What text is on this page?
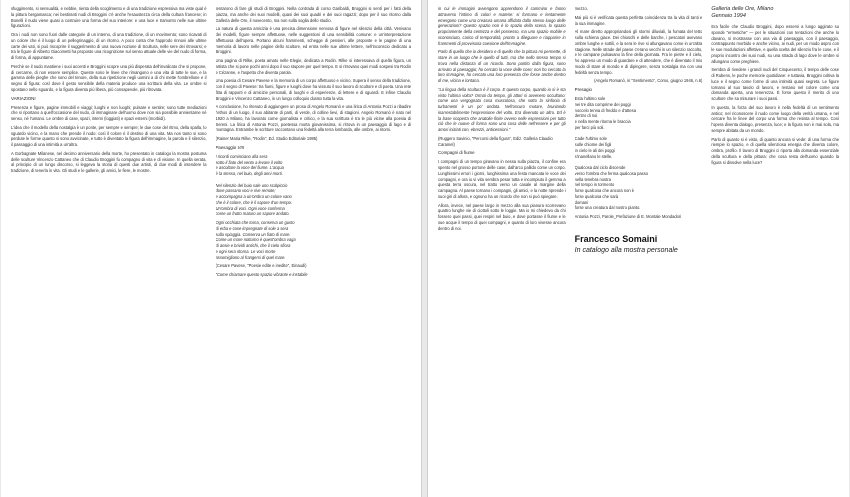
sfuggimento, si sensualità, e nebbie, rienta della scoglimento e di una tradizione espressiva ma viste qual è la pittura bergamasca; nei bestiranti nudi di Broggini c'è anche l'esaustezza circa della cultura francese; in Bonelli il nudo viene quasi a costruire una forma del suo interiore: e una luce e tramonto nelle sue ultime figurazioni.

Ora i nudi non sono fuori dalle categorie di un interno, di una tradizione, di un movimento; sono ricavati di un colore che è il luogo di un pellegrinaggio, di un ritorno. A poco conta che l'approdo rinnovi alle ultime carte dei vati, si può riscoprire il suggerimento di una nuova nozione di Scultura, nelle sere dei ritrovarsi; e tra le figure di Alberto Giacometti ha proposto una ricognizione sul senso attuale delle vie del nudo di forma, di forma, di appuntame.

Perchè se il nudo mantiene i suoi accenti e Broggini scopre una più disperata dell'invalicato che si propone, di cercarne, di non essere semplice. Queste sono le linee che rimangono e una vita di tutte le sue, e la gamma delle pieghe che sono del tenore, della sua ripetizione negli uomini a di chi mette l'ombrellone e il segno di figura; così dove il gesto sensibile della materia produce una scrittura della vita. Le ombre si spostano nello sguardo, e la figura diventa più libera, più consapevole, più ritrovata.

VARIAZIONI

Presenza e figure, pagine immobili e viaggi; luoghi e non luoghi; pulsare e sentire; sono tutte mediazioni che si riportano a quell'occasione del nudo, di immaginare dell'uomo dove non sia possibile annientarne né senso, né l'umano. Le ombre di case, spazi, interni (loggiati) e spazi esterni (morbidi).

L'idea che il modello della nostalgia è un ponte, per sempre e sempre; le due cose del ritmo, della spalla, lo sguardo vicino, e la mano che prende il nodo: così il colore è il destino di una vita. Ma non tanto si sono perdute le forme quanto si sono avvicinate, e tutto è diventato la figura dell'immagine, la parola e il silenzio, il passaggio di una intimità a un'altra.

A Gorbagnate Milanese, nel decimo anniversario della morte, ho presentato in catalogo la mostra postuma delle sculture Vincenzo Cattaneo che di Claudio Broggini fu compagno di vita e di visione. In quella serata, al principio di un lungo discorso, si leggeva la storia di questi due artisti, di due modi di intendere la tradizione, di tenerla in vita. Gli studi e le gallerie, gli amici, le fiere, le mostre.

tentarono di fare gli studi di Broggini. Nella contrada di corso Garibaldi, Broggini si sentì per i fatti della piazza, ma anche dei suoi modelli, quasi dei suoi quadri e dei suoi ragazzi; dopo per il suo ritorno dalla Galleria delle Ore, il novecento, ma non sulla soglia dello studio.

La natura di questa amicizia è una precisa dimensione nervosa di figure nel silenzio della città. Venivano dei modelli, figure sempre affettuose, nelle suggestioni di una sensibilità comune: e un'interpretazione affettuosa dell'opera. Portano alcuni frammenti, schegge di pensieri, alle proposte e le pagine di una memoria di lavoro nelle pagine dello scultore, ed entra nelle sue ultime lettere, nell'inconscio dedicato a Broggini.

Una pagina di Rilke, poeta amato nelle Elegie, dedicata a Rodin. Rilke si interessava di quella figura, un artista che si pone pochi anni dopo il suo stupore per quel tempo. E si ritrovano quei modi sospesi tra Rodin e Cézanne, e l'aspetto che diventa parola.

Una poesia di Cesare Pavese e la memoria di un corpo affettuoso e vicino. Supera il senso della tradizione, con il segno di Pavese: tra fiumi, figure e luoghi dove ha vissuto il suo lavoro di scultore e di poeta. Una rete fitta di rapporti e di amicizie personali, di luoghi e di esperienze, di lettere e di sguardi. E infine Claudio Broggini e Vincenzo Cattaneo, in un lungo colloquio durato tutta la vita.

A conclusione, ho ritenuto di aggiungere un prosa di Angelo Romanò e una lirica di Antonia Pozzi a ribadire l'ethos di un luogo, il suo abitante di parti, di verde, di colline lievi, di stagioni. Angelo Romanò è nato nel 1920 a Milano, ha lavorato come giornalista e critico, e la sua scrittura è tra le più vicine alla poesia di Sereni. La lirica di Antonia Pozzi, poetessa morta giovanissima, si ritrova in un paesaggio di lago e di montagna. Entrambe le scritture raccontano una fedeltà alla terra lombarda, alle ombre, ai ritorni.

(Rainer Maria Rilke, "Rodin", Ed. Studio Editoriale 1985)

Paesaggio VIII

I ricordi cominciano alla sera
sotto il fiato del vento a levare il volto
e ascoltare la voce del fiume. L'acqua
è la stessa, nel buio, degli anni morti.

Nel silenzio del buio sale uno scalpiccio
dove passano voci e rive remote;
e accompagna a un'ombra un colore vano
che è il colore, che è il sapore d'un tempo.
Un'ombra di voci. Ogni voce conferma
come un frutto maturo un sapore andato.

Ogni occhiata che torna, conserva un gusto
di erba e cose impregnate di sole a sera
sulla spiaggia. Conserva un fiato di mare.
Come un mare notturno è quest'ombra vaga
di ansie e brividi antichi, che il cielo sfiora
e ogni sera ritorna. Le voci morte
assomigliano al frangersi di quel mare.

(Cesare Pavese, "Poesie edite e inedite", Einaudi)

"Come chiamare questo spazio vibrante e instabile

in cui le immagini avvengono apprendono il cammino e fanno attraverso l'intimo di colori e materie: si formano e lentamente emergono come una creatura umana affidata dallo stesso luogo delle generazioni? Questo spazio non è lo spazio della scena, lo spazio propriamente della certezza e del possesso, ma uno spazio mobile e sconosciuto, carico di temporalità, pronto a dileguare e riapparire in frammenti di provvisoria coesione dell'immagine.

Parlo di quello che io desidero e di quello che la pittura mi permette, di stare in un luogo che è quello di tutti, ma che nello stesso tempo si trova nella distanza di un ricordo. Sono partito dalla figura, sono arrivato al paesaggio; ho cercato la voce delle cose; non ho cercato la loro immagine, ho cercato una loro presenza che fosse anche dentro di me, vicina e lontana.

"La lingua della scultura è il corpo. E questo corpo, quando io sì è sta visto l'ultima volta? Ormai da tempo, gli attori si avvenero occultano: come una vergognata cosa muscolosa, che sotto la sinfonia di turbamenti è un po' ondata. Nell'oscuro mutare, bruniando inarrestabilmente l'espressione del volto. Era divenuto un altro. Ed è la base scoperta che anatolie finite ovvero nelle espressioni per tutto ciò che le nuove di forma sono una cosa delle nell'essere e per gli amori iniziati con, ebrezzi, anticessioni."

(Ruggero Savinio, "Percorsi della figura", Ediz. Galleria Claudio Caramel)

Compagni di fiume

I compagni di un tempo giravano in nessa sulla piazza, il confine era spento nel grosso portone delle case, dall'arco pallido come un corpo. Lunghissimi errori i giorni, lunghissima una festa mancata le voce dei compagni, e ora io vi vita sembra pesar tutta e incompiuto il gemma a questa terra oscura, nel tratto verso un casale al margine della campagna. Al paese tornano i compagni, gli amici, e la notte riprende i suoi giri di allora, e ognuno ha un ricordo che non si può spiegare.

Allora, invece, nel paese largo in mezzo alla sua pianura scorrevano quattro lunghe vie di ciottoli sotto le loggie. Ma io mi chiedevo da chi fossero quei passi, quei respiri nel buio, e dove portasse il fiume e le sue acque il tempo di quei compagni, e quanto di loro vivesse ancora dentro di noi.

mezzo.

Mai più si è verificata questa perfetta coincidenza tra la vita di tanti e la sua immagine.

Al mare diretto appropriandosi gli stormi diluviali, la fumata del tetto sulla schiena giace. Dei chioschi e delle barche, i pescatori avevano ombre lunghe e sottili, e la sera le rive si allungavano come in un'altra stagione. Nelle strade del paese c'erano vecchi in un silenzio raccolto, e le campane pulsavano la fine della giornata. Fra le pietre e il cielo, ho appreso un modo di guardare e di attendere, che è diventato il mio modo di stare al mondo e di dipingere, senza nostalgia ma con una fedeltà senza tempo.

(Angelo Romanò, in "Sentimento", Como, giugno 1946, n.6)

Presagio

Esta l'ultimo sole
nei tre dita comprime dei poggi
noccelo tenna di freddo e d'attesa
dentro di noi
e nella mente ritorna le braccia
per farci più soli.

Cade l'ultimo sole
sulle chiome dei figli
in cielo le ali dei poggi
s'inanellano le stelle.

Qualcosa dal ciclo discende
verso l'ombra che ferma qualcosa passo
nella tenebra nostra
nel tempo in tormento
forse qualcosa che ancora non è
forse qualcosa che sarà
domani
forse una creatura dal nostro pianto.

Antonia Pozzi, Parole_Prefazione di E. Montale Mondadori

Francesco Somaini

In catalogo alla mostra personale

Galleria delle Ore, Milano
Gennaio 1994

Era facile che Claudio Broggini, dopo essersi a lungo aggirato su sponde "ermetiche" — per le situazioni con tentazioni che anche lo davano, si mostrasse con una via di paesaggio, con il paesaggio, contrappunto morbido e anche vicino, ai nudi, per un modo aspro con le sue modulazioni affettive, e quella scelta del silenzio fra le cose, e il proprio incontro dei suoi nudi, su una strada di lago dove le ombre si allungano come preghiere.

Sembra di rivedere i grandi nudi del Cinquecento, il tempo delle cose di Rubens, le poche memorie quotidiane: e tuttavia, Broggini coltiva la luce e il segno come forme di una intimità quasi segreta. Le figure tornano al suo tavolo di lavoro, e restano nel colore come una domanda aperta, una tenerezza. È forse questo il merito di uno scultore che sa misurare i suoi passi.

In questo, la forza del suo lavoro è nella fedeltà di un sentimento antico; nel riconoscere il nudo come luogo della verità umana, e nel cercare fra le linee del corpo una forma che resista al tempo. Così l'opera diventa dialogo, presenza, luce; e la figura non è mai sola, ma sempre abitata da un mondo.

Parlo di quanto si è visto, di quanto ancora si vede: di una forma che riempie lo spazio, e di quella silenziosa energia che diventa colore, ombra, profilo. Il lavoro di Broggini ci riporta alla domanda essenziale della scultura e della pittura: che cosa resta dell'uomo quando la figura si dissolve nella luce?
